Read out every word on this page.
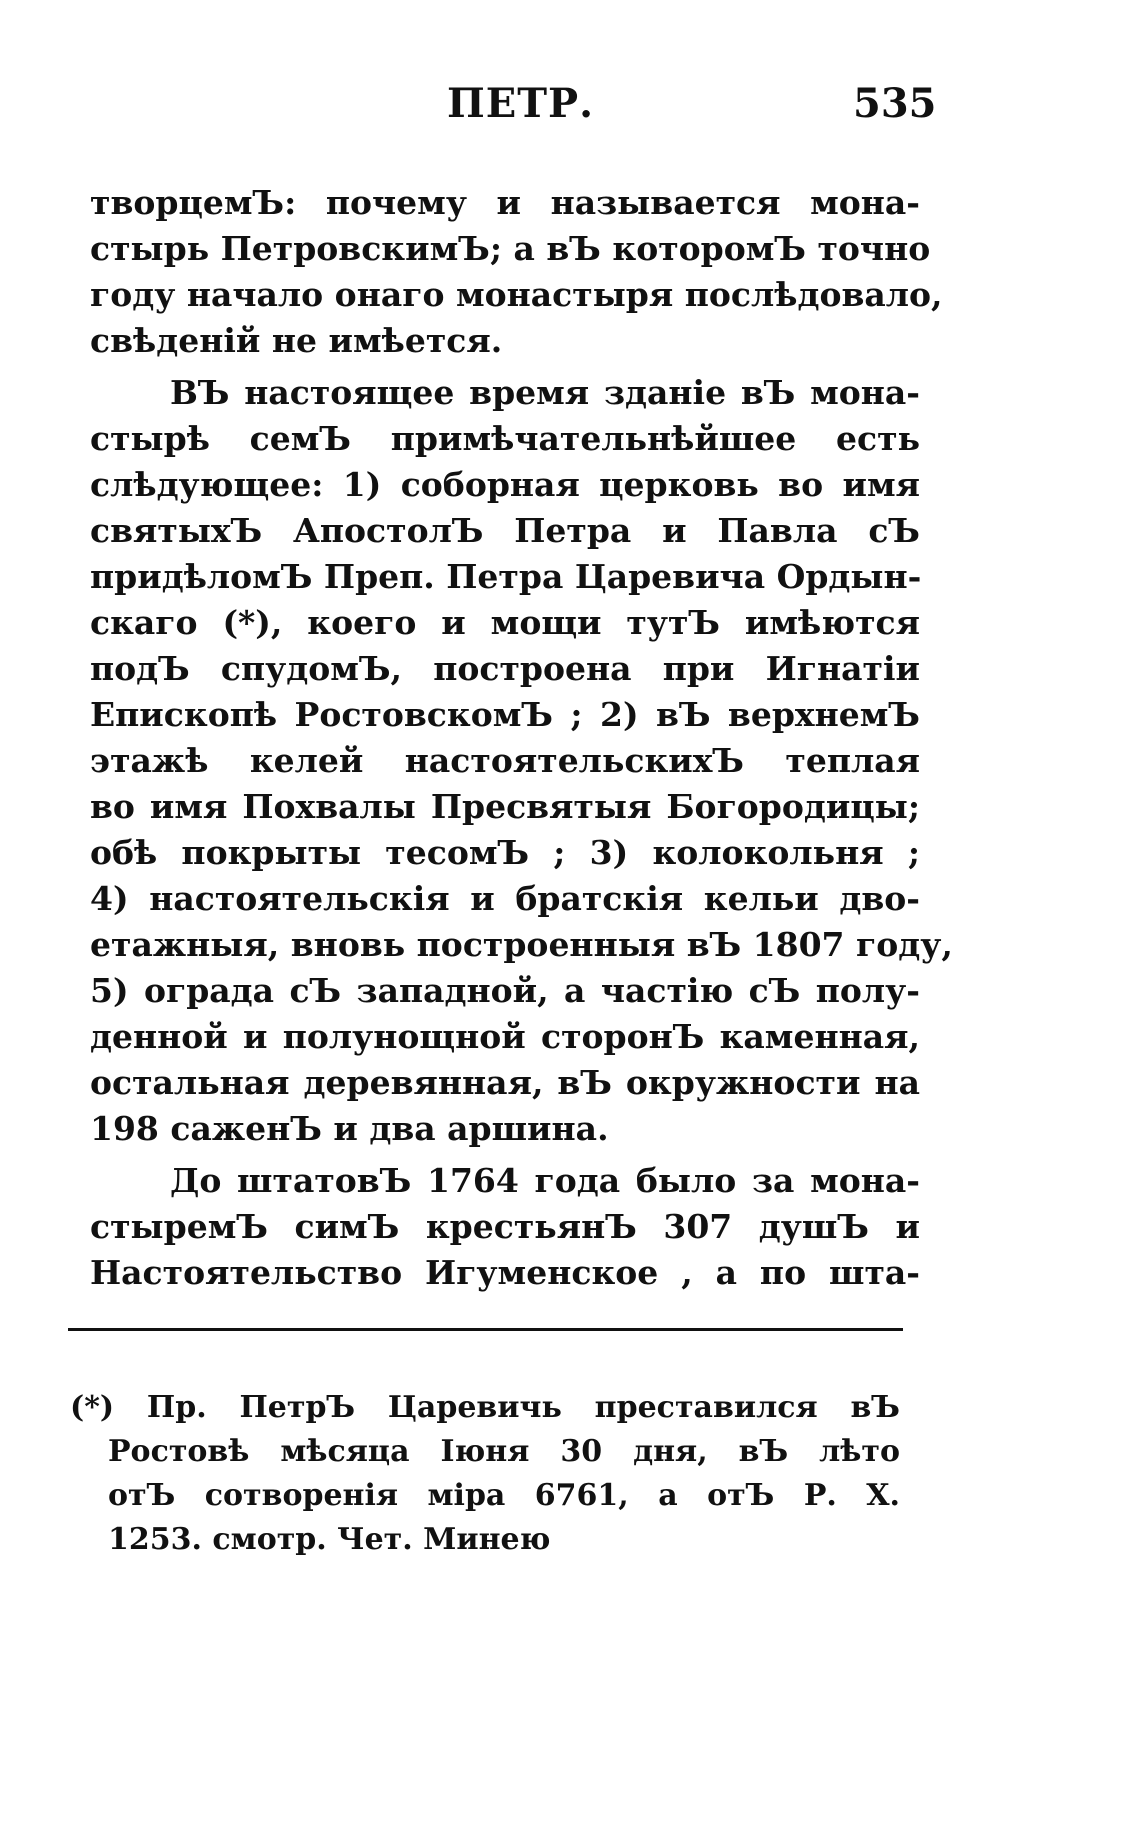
ПЕТР.	535
творцемЪ: почему и называется мона-
стырь ПетровскимЪ; а вЪ которомЪ точно
году начало онаго монастыря послѣдовало,
свѣденій не имѣется.
ВЪ настоящее время зданіе вЪ мона-
стырѣ семЪ примѣчательнѣйшее есть
слѣдующее: 1) соборная церковь во имя
святыхЪ АпостолЪ Петра и Павла сЪ
придѣломЪ Преп. Петра Царевича Ордын-
скаго (*), коего и мощи тутЪ имѣются
подЪ спудомЪ, построена при Игнатіи
Епископѣ РостовскомЪ ; 2) вЪ верхнемЪ
этажѣ келей настоятельскихЪ теплая
во имя Похвалы Пресвятыя Богородицы;
обѣ покрыты тесомЪ ; 3) колокольня ;
4) настоятельскія и братскія кельи дво-
етажныя, вновь построенныя вЪ 1807 году,
5) ограда сЪ западной, а частію сЪ полу-
денной и полунощной сторонЪ каменная,
остальная деревянная, вЪ окружности на
198 саженЪ и два аршина.
До штатовЪ 1764 года было за мона-
стыремЪ симЪ крестьянЪ 307 душЪ и
Настоятельство Игуменское , а по шта-
(*) Пр. ПетрЪ Царевичь преставился вЪ
Ростовѣ мѣсяца Іюня 30 дня, вЪ лѣто
отЪ сотворенія міра 6761, а отЪ Р. Х.
1253. смотр. Чет. Минею
